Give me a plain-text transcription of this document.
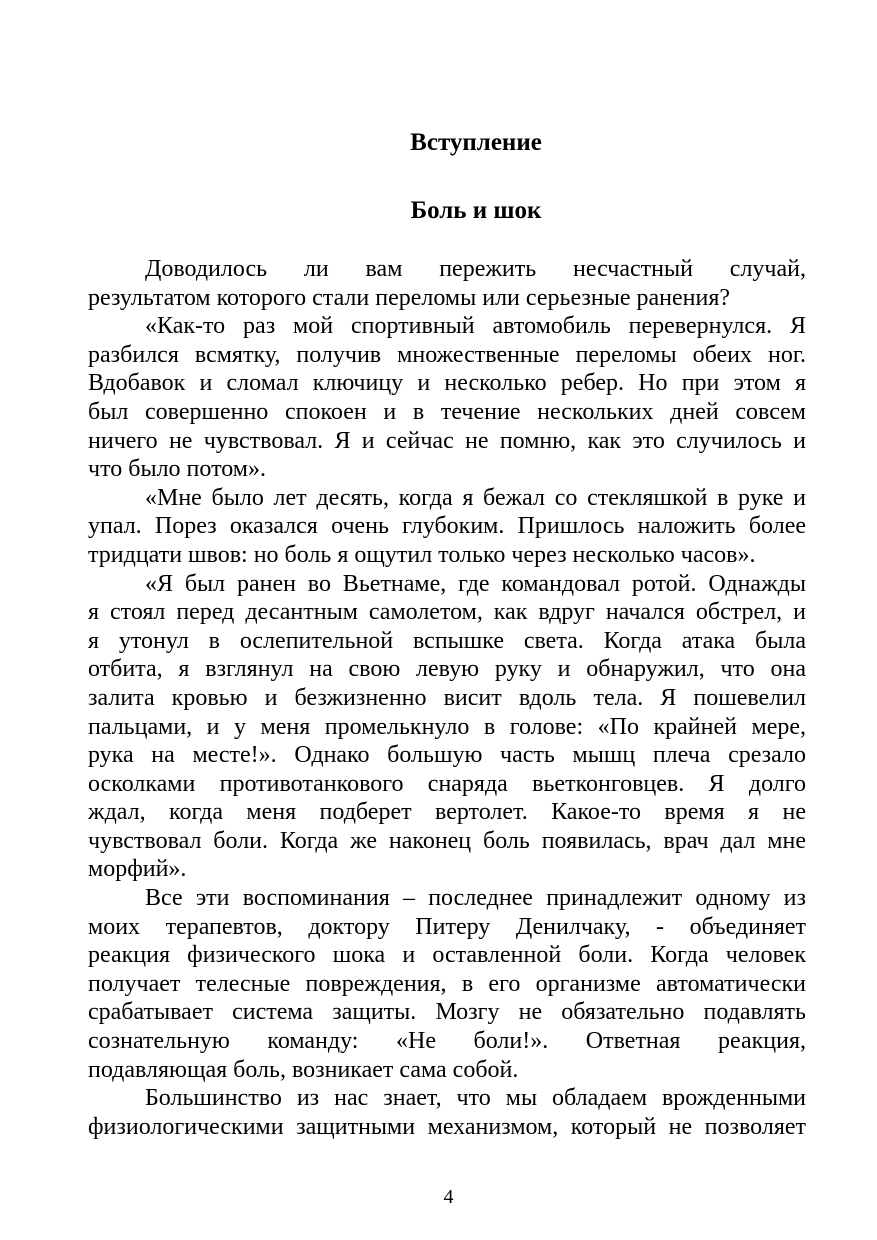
Вступление
Боль и шок
Доводилось ли вам пережить несчастный случай,
результатом которого стали переломы или серьезные ранения?
«Как-то раз мой спортивный автомобиль перевернулся. Я
разбился всмятку, получив множественные переломы обеих ног.
Вдобавок и сломал ключицу и несколько ребер. Но при этом я
был совершенно спокоен и в течение нескольких дней совсем
ничего не чувствовал. Я и сейчас не помню, как это случилось и
что было потом».
«Мне было лет десять, когда я бежал со стекляшкой в руке и
упал. Порез оказался очень глубоким. Пришлось наложить более
тридцати швов: но боль я ощутил только через несколько часов».
«Я был ранен во Вьетнаме, где командовал ротой. Однажды
я стоял перед десантным самолетом, как вдруг начался обстрел, и
я утонул в ослепительной вспышке света. Когда атака была
отбита, я взглянул на свою левую руку и обнаружил, что она
залита кровью и безжизненно висит вдоль тела. Я пошевелил
пальцами, и у меня промелькнуло в голове: «По крайней мере,
рука на месте!». Однако большую часть мышц плеча срезало
осколками противотанкового снаряда вьетконговцев. Я долго
ждал, когда меня подберет вертолет. Какое-то время я не
чувствовал боли. Когда же наконец боль появилась, врач дал мне
морфий».
Все эти воспоминания – последнее принадлежит одному из
моих терапевтов, доктору Питеру Денилчаку, - объединяет
реакция физического шока и оставленной боли. Когда человек
получает телесные повреждения, в его организме автоматически
срабатывает система защиты. Мозгу не обязательно подавлять
сознательную команду: «Не боли!». Ответная реакция,
подавляющая боль, возникает сама собой.
Большинство из нас знает, что мы обладаем врожденными
физиологическими защитными механизмом, который не позволяет
4
